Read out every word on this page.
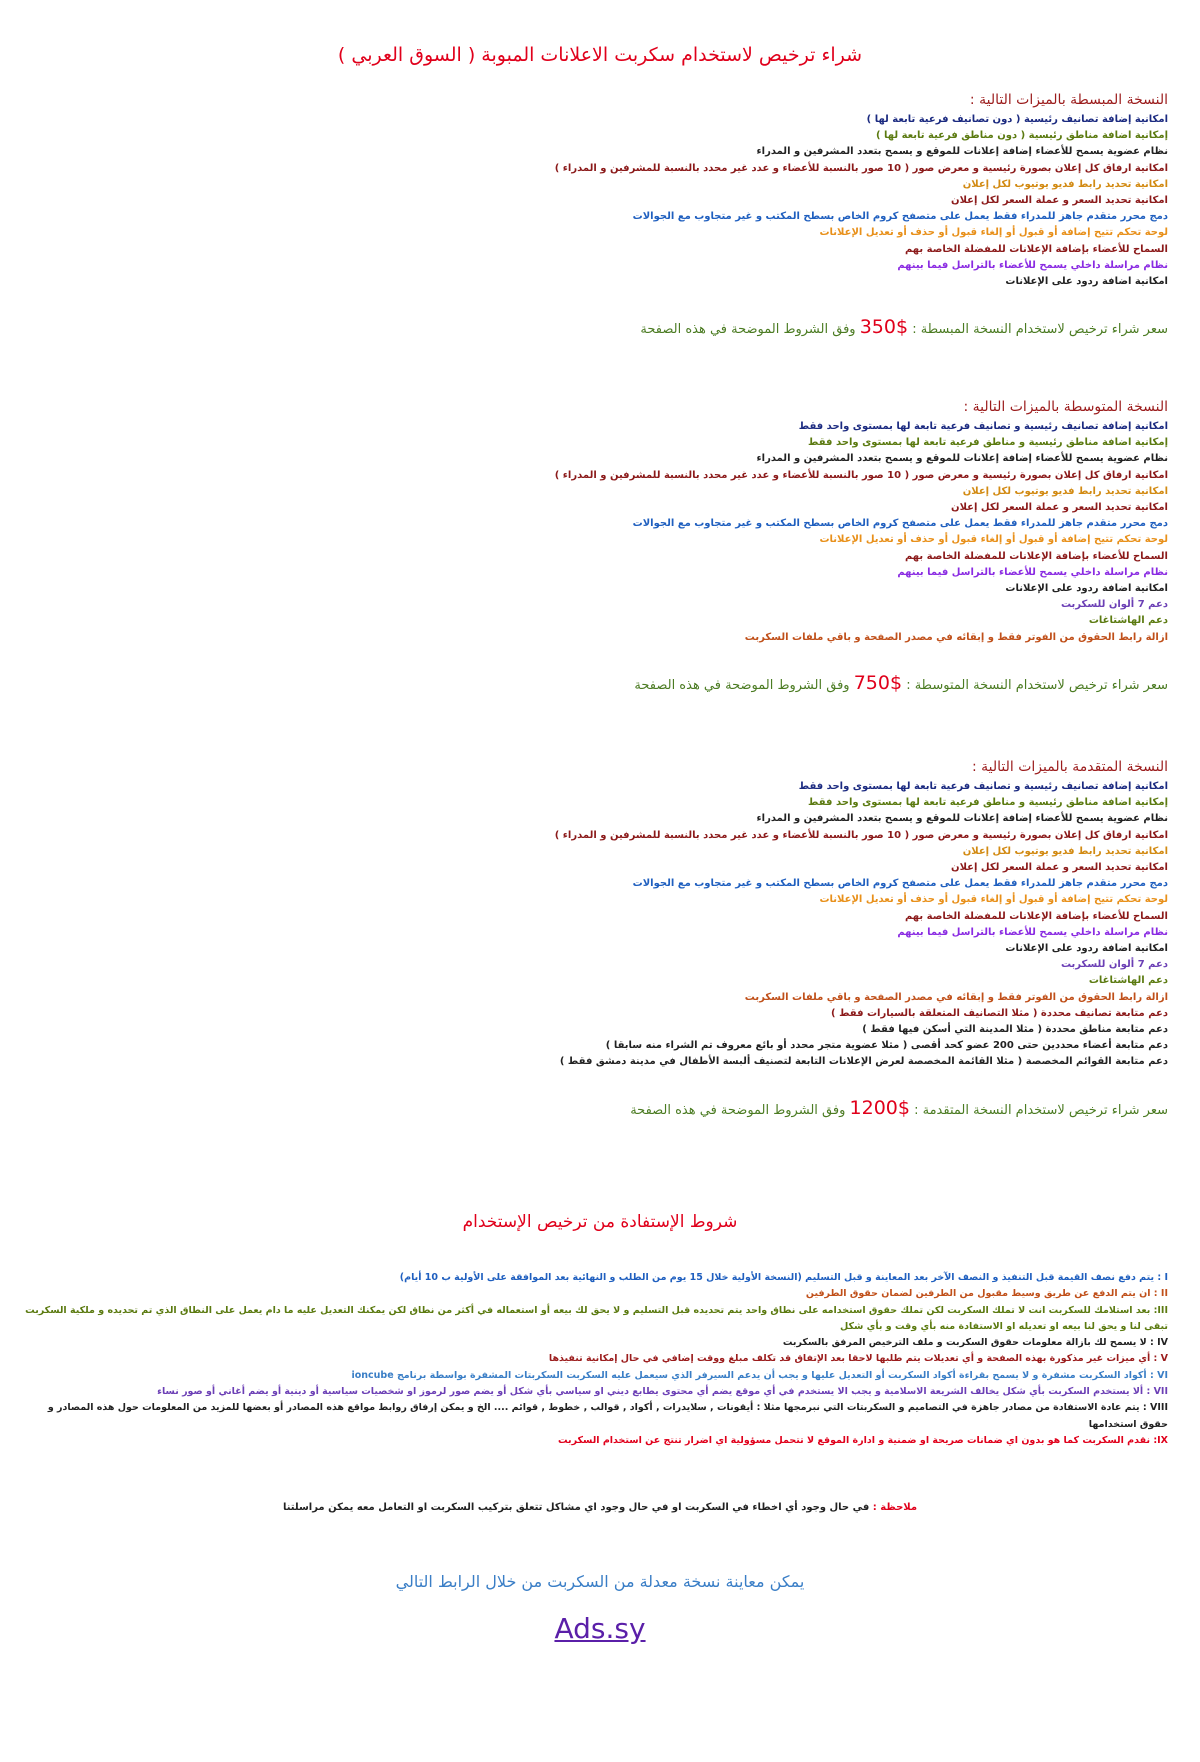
شراء ترخيص لاستخدام سكربت الاعلانات المبوبة ( السوق العربي )
النسخة المبسطة بالميزات التالية :
امكانية إضافة تصانيف رئيسية ( دون تصانيف فرعية تابعة لها )
إمكانية اضافة مناطق رئيسية ( دون مناطق فرعية تابعة لها )
نظام عضوية يسمح للأعضاء إضافة إعلانات للموقع و يسمح بتعدد المشرفين و المدراء
امكانية ارفاق كل إعلان بصورة رئيسية و معرض صور ( 10 صور بالنسبة للأعضاء و عدد غير محدد بالنسبة للمشرفين و المدراء )
امكانية تحديد رابط فديو يوتيوب لكل إعلان
امكانية تحديد السعر و عملة السعر لكل إعلان
دمج محرر متقدم جاهز للمدراء فقط يعمل على متصفح كروم الخاص بسطح المكتب و غير متجاوب مع الجوالات
لوحة تحكم تتيح إضافة أو قبول أو إلغاء قبول أو حذف أو تعديل الإعلانات
السماح للأعضاء بإضافة الإعلانات للمفضلة الخاصة بهم
نظام مراسلة داخلي يسمح للأعضاء بالتراسل فيما بينهم
امكانية اضافة ردود على الإعلانات
سعر شراء ترخيص لاستخدام النسخة المبسطة : $350 وفق الشروط الموضحة في هذه الصفحة
النسخة المتوسطة بالميزات التالية :
امكانية إضافة تصانيف رئيسية و تصانيف فرعية تابعة لها بمستوى واحد فقط
إمكانية اضافة مناطق رئيسية و مناطق فرعية تابعة لها بمستوى واحد فقط
نظام عضوية يسمح للأعضاء إضافة إعلانات للموقع و يسمح بتعدد المشرفين و المدراء
امكانية ارفاق كل إعلان بصورة رئيسية و معرض صور ( 10 صور بالنسبة للأعضاء و عدد غير محدد بالنسبة للمشرفين و المدراء )
امكانية تحديد رابط فديو يوتيوب لكل إعلان
امكانية تحديد السعر و عملة السعر لكل إعلان
دمج محرر متقدم جاهز للمدراء فقط يعمل على متصفح كروم الخاص بسطح المكتب و غير متجاوب مع الجوالات
لوحة تحكم تتيح إضافة أو قبول أو إلغاء قبول أو حذف أو تعديل الإعلانات
السماح للأعضاء بإضافة الإعلانات للمفضلة الخاصة بهم
نظام مراسلة داخلي يسمح للأعضاء بالتراسل فيما بينهم
امكانية اضافة ردود على الإعلانات
دعم 7 ألوان للسكربت
دعم الهاشتاغات
ازالة رابط الحقوق من الفوتر فقط و إبقائه في مصدر الصفحة و باقي ملفات السكربت
سعر شراء ترخيص لاستخدام النسخة المتوسطة : $750 وفق الشروط الموضحة في هذه الصفحة
النسخة المتقدمة بالميزات التالية :
امكانية إضافة تصانيف رئيسية و تصانيف فرعية تابعة لها بمستوى واحد فقط
إمكانية اضافة مناطق رئيسية و مناطق فرعية تابعة لها بمستوى واحد فقط
نظام عضوية يسمح للأعضاء إضافة إعلانات للموقع و يسمح بتعدد المشرفين و المدراء
امكانية ارفاق كل إعلان بصورة رئيسية و معرض صور ( 10 صور بالنسبة للأعضاء و عدد غير محدد بالنسبة للمشرفين و المدراء )
امكانية تحديد رابط فديو يوتيوب لكل إعلان
امكانية تحديد السعر و عملة السعر لكل إعلان
دمج محرر متقدم جاهز للمدراء فقط يعمل على متصفح كروم الخاص بسطح المكتب و غير متجاوب مع الجوالات
لوحة تحكم تتيح إضافة أو قبول أو إلغاء قبول أو حذف أو تعديل الإعلانات
السماح للأعضاء بإضافة الإعلانات للمفضلة الخاصة بهم
نظام مراسلة داخلي يسمح للأعضاء بالتراسل فيما بينهم
امكانية اضافة ردود على الإعلانات
دعم 7 ألوان للسكربت
دعم الهاشتاغات
ازالة رابط الحقوق من الفوتر فقط و إبقائه في مصدر الصفحة و باقي ملفات السكربت
دعم متابعة تصانيف محددة ( مثلا التصانيف المتعلقة بالسيارات فقط )
دعم متابعة مناطق محددة ( مثلا المدينة التي أسكن فيها فقط )
دعم متابعة أعضاء محددين حتى 200 عضو كحد أقصى ( مثلا عضوية متجر محدد أو بائع معروف تم الشراء منه سابقا )
دعم متابعة القوائم المخصصة ( مثلا القائمة المخصصة لعرض الإعلانات التابعة لتصنيف ألبسة الأطفال في مدينة دمشق فقط )
سعر شراء ترخيص لاستخدام النسخة المتقدمة : $1200 وفق الشروط الموضحة في هذه الصفحة
شروط الإستفادة من ترخيص الإستخدام
I : يتم دفع نصف القيمة قبل التنفيذ و النصف الآخر بعد المعاينة و قبل التسليم (النسخة الأولية خلال 15 يوم من الطلب و النهائية بعد الموافقة على الأولية ب 10 أيام)
II : ان يتم الدفع عن طريق وسيط مقبول من الطرفين لضمان حقوق الطرفين
III: بعد استلامك للسكربت انت لا تملك السكربت لكن تملك حقوق استخدامه على نطاق واحد يتم تحديده قبل التسليم و لا يحق لك بيعه أو استعماله في أكثر من نطاق لكن يمكنك التعديل عليه ما دام يعمل على النطاق الذي تم تحديده و ملكية السكربت تبقى لنا و يحق لنا بيعه او تعديله او الاستفادة منه بأي وقت و بأي شكل
IV : لا يسمح لك بازالة معلومات حقوق السكربت و ملف الترخيص المرفق بالسكربت
V : أي ميزات غير مذكورة بهذه الصفحة و أي تعديلات يتم طلبها لاحقا بعد الإتفاق قد تكلف مبلغ ووقت إضافي في حال إمكانية تنفيذها
VI : أكواد السكربت مشفرة و لا يسمح بقراءة أكواد السكربت أو التعديل عليها و يجب أن يدعم السيرفر الذي سيعمل عليه السكربت السكربتات المشفرة بواسطة برنامج ioncube
VII : ألا يستخدم السكربت بأي شكل يخالف الشريعة الاسلامية و يجب الا يستخدم في أي موقع يضم أي محتوى يطابع ديني او سياسي بأي شكل أو يضم صور لرموز او شخصيات سياسية أو دينية أو يضم أغاني أو صور نساء
VIII : يتم عادة الاستفادة من مصادر جاهزة في التصاميم و السكربتات التي نبرمجها مثلا : أيقونات , سلايدرات , أكواد , قوالب , خطوط , قوائم .... الخ و يمكن إرفاق روابط مواقع هذه المصادر أو بعضها للمزيد من المعلومات حول هذه المصادر و حقوق استخدامها
IX: نقدم السكربت كما هو بدون اي ضمانات صريحة او ضمنية و ادارة الموقع لا تتحمل مسؤولية اي اضرار تنتج عن استخدام السكربت
ملاحظة : في حال وجود أي اخطاء في السكربت او في حال وجود اي مشاكل تتعلق بتركيب السكربت او التعامل معه يمكن مراسلتنا
يمكن معاينة نسخة معدلة من السكربت من خلال الرابط التالي
Ads.sy
